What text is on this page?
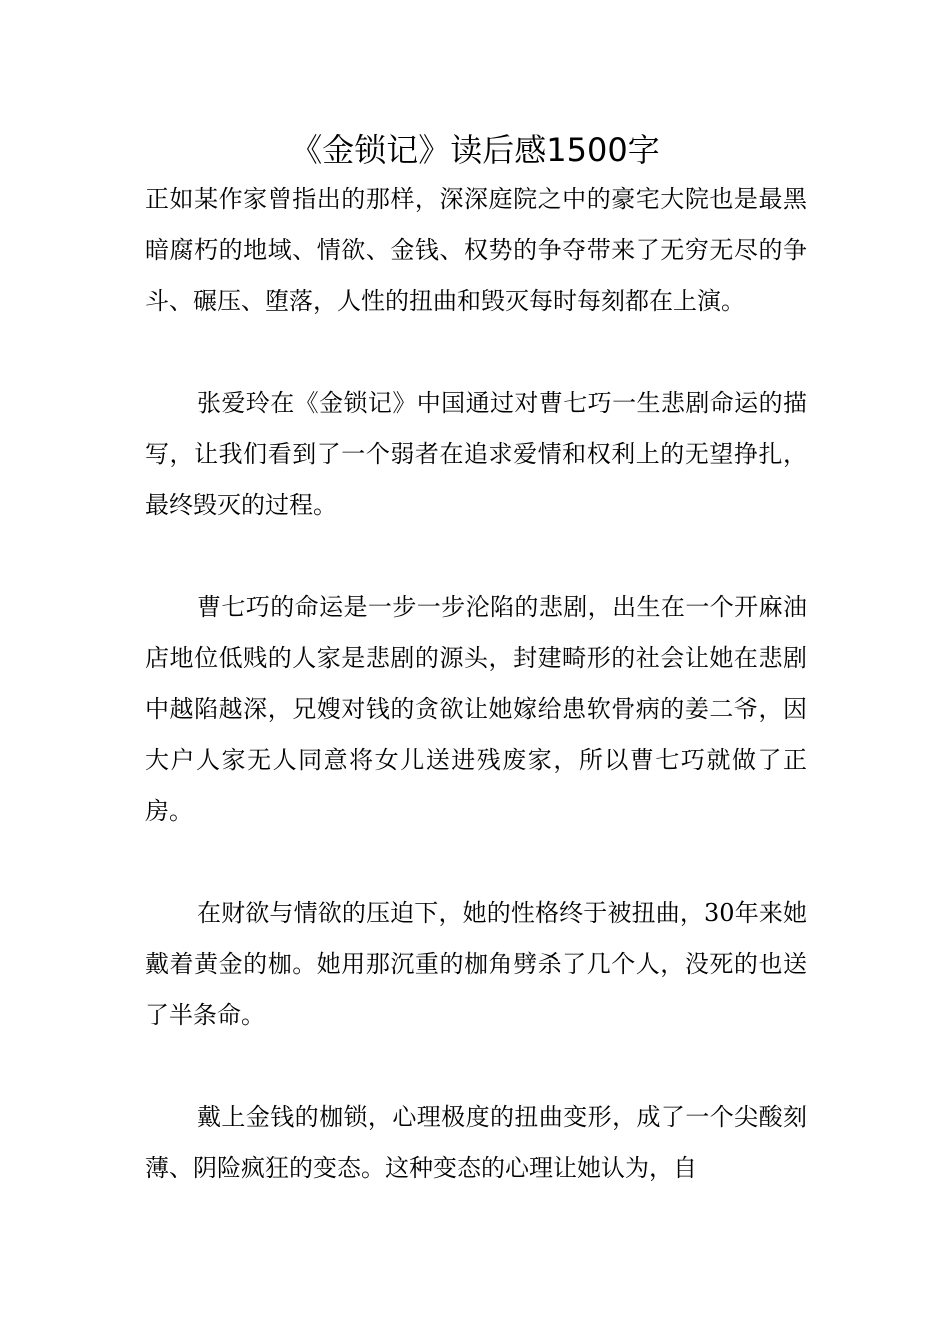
《金锁记》读后感1500字

正如某作家曾指出的那样，深深庭院之中的豪宅大院也是最黑暗腐朽的地域、情欲、金钱、权势的争夺带来了无穷无尽的争斗、碾压、堕落，人性的扭曲和毁灭每时每刻都在上演。

张爱玲在《金锁记》中国通过对曹七巧一生悲剧命运的描写，让我们看到了一个弱者在追求爱情和权利上的无望挣扎，最终毁灭的过程。

曹七巧的命运是一步一步沦陷的悲剧，出生在一个开麻油店地位低贱的人家是悲剧的源头，封建畸形的社会让她在悲剧中越陷越深，兄嫂对钱的贪欲让她嫁给患软骨病的姜二爷，因大户人家无人同意将女儿送进残废家，所以曹七巧就做了正房。

在财欲与情欲的压迫下，她的性格终于被扭曲，30年来她戴着黄金的枷。她用那沉重的枷角劈杀了几个人，没死的也送了半条命。

戴上金钱的枷锁，心理极度的扭曲变形，成了一个尖酸刻薄、阴险疯狂的变态。这种变态的心理让她认为，自
